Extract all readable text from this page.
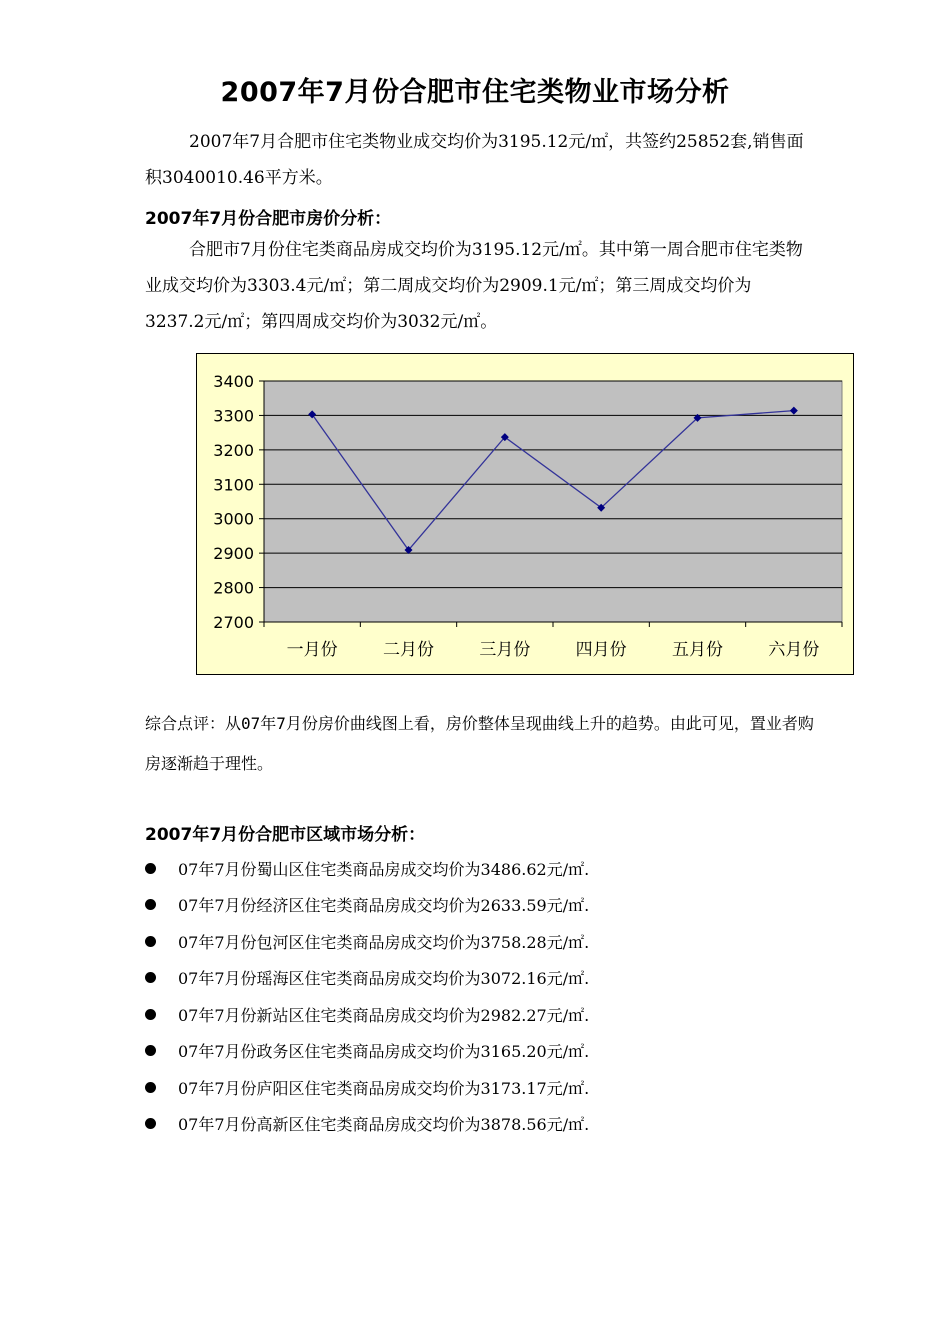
2007年7月份合肥市住宅类物业市场分析
2007年7月合肥市住宅类物业成交均价为3195.12元/㎡，共签约25852套,销售面积3040010.46平方米。
2007年7月份合肥市房价分析：
合肥市7月份住宅类商品房成交均价为3195.12元/㎡。其中第一周合肥市住宅类物业成交均价为3303.4元/㎡；第二周成交均价为2909.1元/㎡；第三周成交均价为3237.2元/㎡；第四周成交均价为3032元/㎡。
2700
2800
2900
3000
3100
3200
3300
3400
一月份	二月份	三月份	四月份	五月份	六月份
综合点评：从07年7月份房价曲线图上看，房价整体呈现曲线上升的趋势。由此可见，置业者购房逐渐趋于理性。
2007年7月份合肥市区域市场分析：
07年7月份蜀山区住宅类商品房成交均价为3486.62元/㎡.
07年7月份经济区住宅类商品房成交均价为2633.59元/㎡.
07年7月份包河区住宅类商品房成交均价为3758.28元/㎡.
07年7月份瑶海区住宅类商品房成交均价为3072.16元/㎡.
07年7月份新站区住宅类商品房成交均价为2982.27元/㎡.
07年7月份政务区住宅类商品房成交均价为3165.20元/㎡.
07年7月份庐阳区住宅类商品房成交均价为3173.17元/㎡.
07年7月份高新区住宅类商品房成交均价为3878.56元/㎡.
